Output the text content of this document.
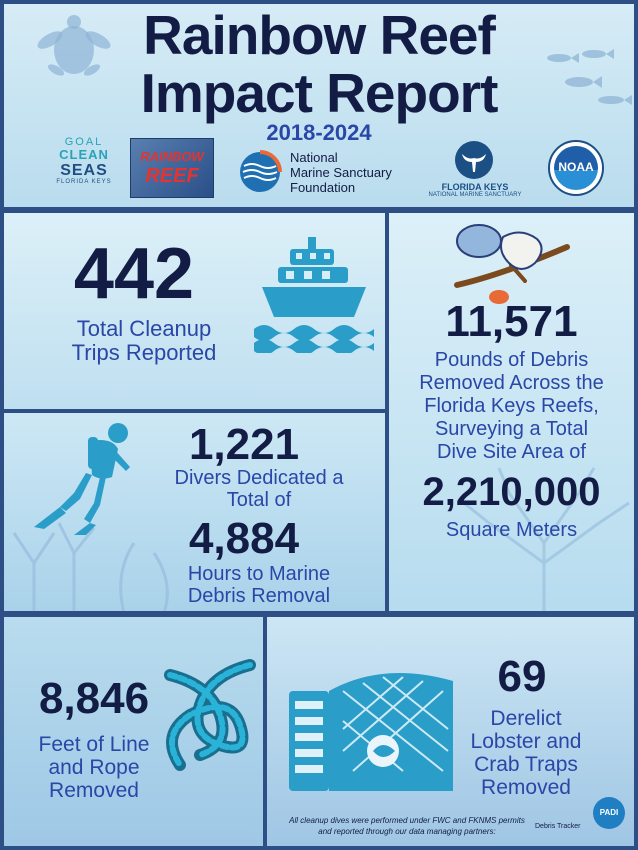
Rainbow Reef
Impact Report
2018-2024
GOAL
CLEAN
SEAS
FLORIDA KEYS
RAINBOW
REEF
National
Marine Sanctuary
Foundation	FLORIDA KEYS
NATIONAL MARINE SANCTUARY
NOAA
442
Total Cleanup
Trips Reported
11,571
Pounds of Debris
Removed Across the
Florida Keys Reefs,
Surveying a Total
Dive Site Area of
2,210,000
Square Meters
1,221
Divers Dedicated a
Total of
4,884
Hours to Marine
Debris Removal
8,846
Feet of Line
and Rope
Removed
69
Derelict
Lobster and
Crab Traps
Removed
All cleanup dives were performed under FWC and FKNMS permits
and reported through our data managing partners:
Debris Tracker
PADI
